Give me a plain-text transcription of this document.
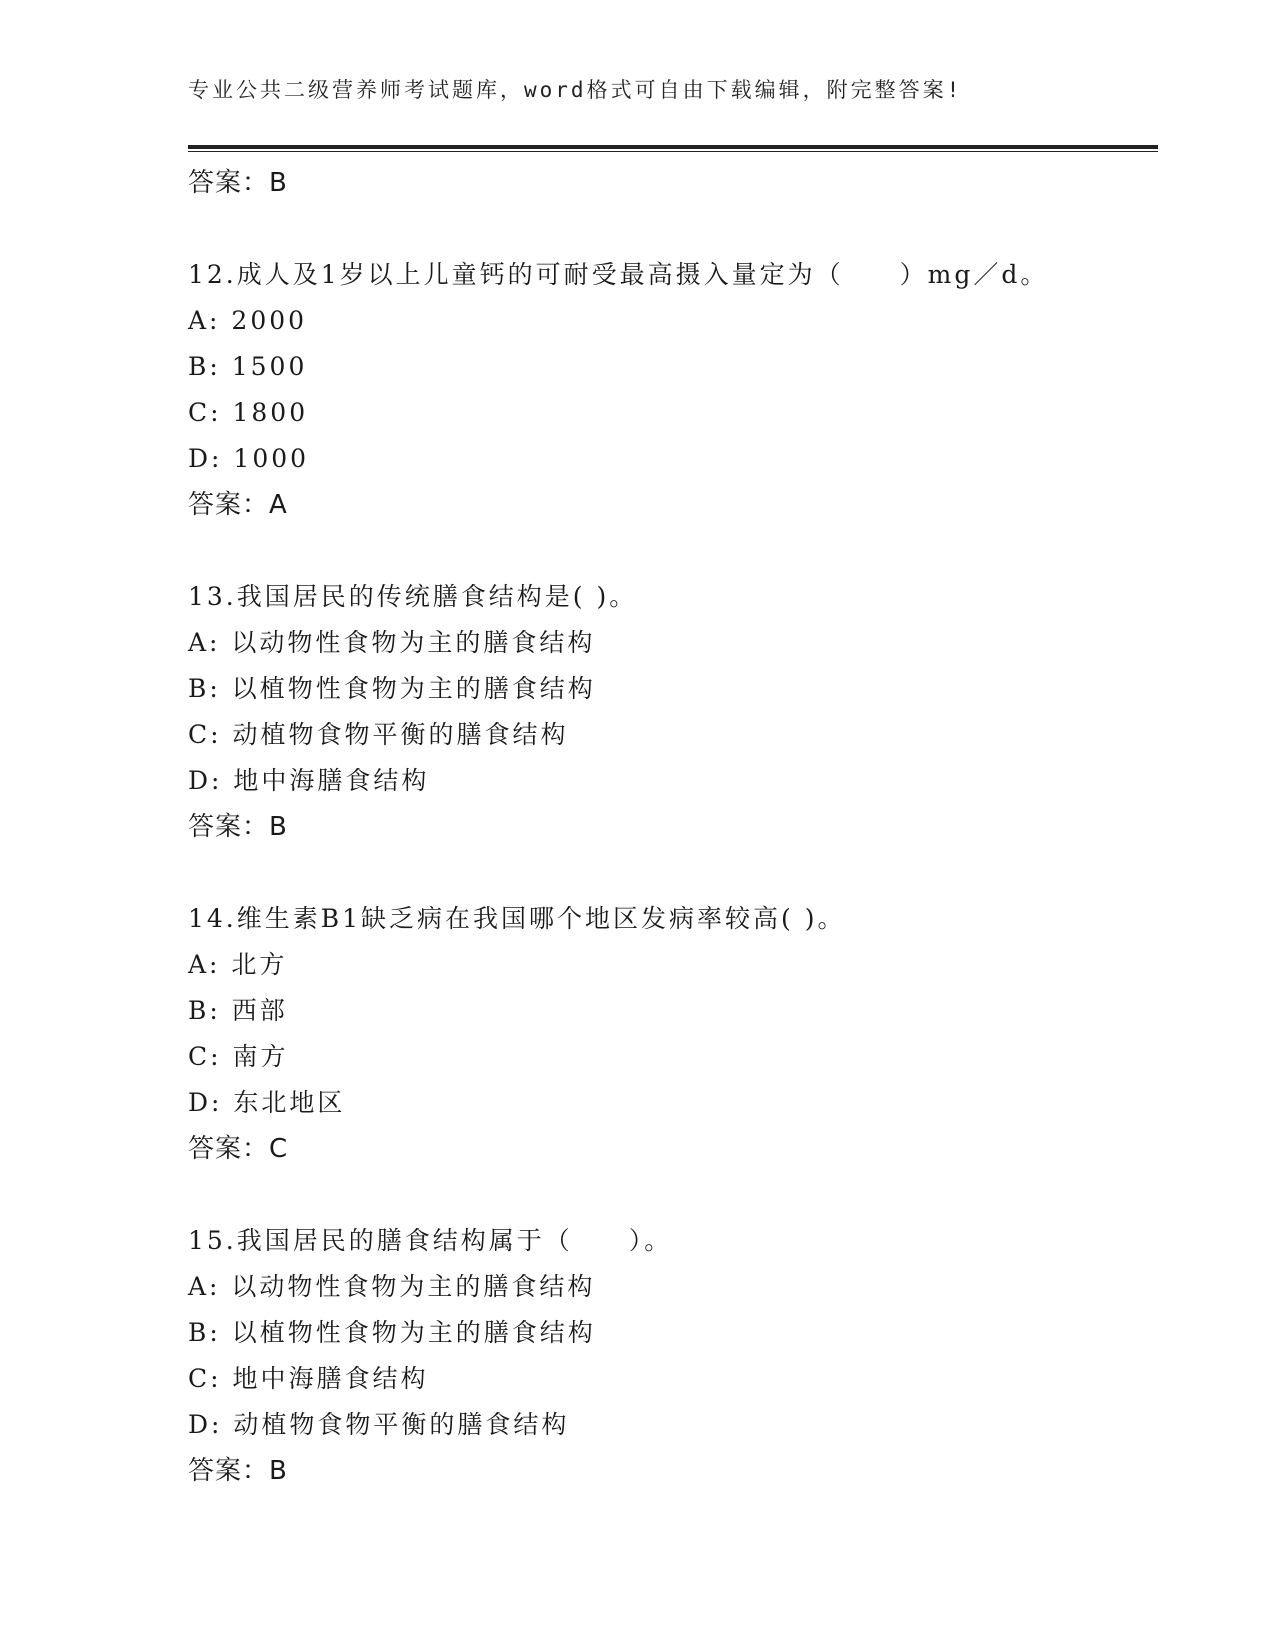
专业公共二级营养师考试题库，word格式可自由下载编辑，附完整答案!
答案：B
12.成人及1岁以上儿童钙的可耐受最高摄入量定为（　　）mg／d。
A: 2000
B: 1500
C: 1800
D: 1000
答案：A
13.我国居民的传统膳食结构是( )。
A: 以动物性食物为主的膳食结构
B: 以植物性食物为主的膳食结构
C: 动植物食物平衡的膳食结构
D: 地中海膳食结构
答案：B
14.维生素B1缺乏病在我国哪个地区发病率较高( )。
A: 北方
B: 西部
C: 南方
D: 东北地区
答案：C
15.我国居民的膳食结构属于（　　）。
A: 以动物性食物为主的膳食结构
B: 以植物性食物为主的膳食结构
C: 地中海膳食结构
D: 动植物食物平衡的膳食结构
答案：B
